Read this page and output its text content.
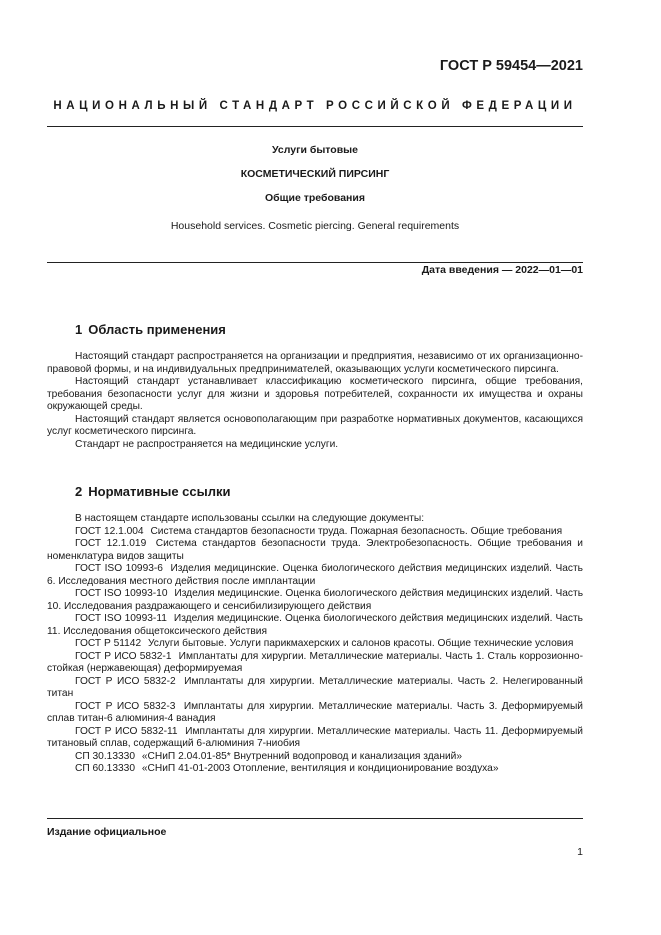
ГОСТ Р 59454—2021
НАЦИОНАЛЬНЫЙ СТАНДАРТ РОССИЙСКОЙ ФЕДЕРАЦИИ
Услуги бытовые
КОСМЕТИЧЕСКИЙ ПИРСИНГ
Общие требования
Household services. Cosmetic piercing. General requirements
Дата введения — 2022—01—01
1 Область применения

Настоящий стандарт распространяется на организации и предприятия, независимо от их организационно-правовой формы, и на индивидуальных предпринимателей, оказывающих услуги косметического пирсинга.

Настоящий стандарт устанавливает классификацию косметического пирсинга, общие требования, требования безопасности услуг для жизни и здоровья потребителей, сохранности их имущества и охраны окружающей среды.

Настоящий стандарт является основополагающим при разработке нормативных документов, касающихся услуг косметического пирсинга.

Стандарт не распространяется на медицинские услуги.

2 Нормативные ссылки

В настоящем стандарте использованы ссылки на следующие документы:

ГОСТ 12.1.004 Система стандартов безопасности труда. Пожарная безопасность. Общие требования

ГОСТ 12.1.019 Система стандартов безопасности труда. Электробезопасность. Общие требования и номенклатура видов защиты

ГОСТ ISO 10993-6 Изделия медицинские. Оценка биологического действия медицинских изделий. Часть 6. Исследования местного действия после имплантации

ГОСТ ISO 10993-10 Изделия медицинские. Оценка биологического действия медицинских изделий. Часть 10. Исследования раздражающего и сенсибилизирующего действия

ГОСТ ISO 10993-11 Изделия медицинские. Оценка биологического действия медицинских изделий. Часть 11. Исследования общетоксического действия

ГОСТ Р 51142 Услуги бытовые. Услуги парикмахерских и салонов красоты. Общие технические условия

ГОСТ Р ИСО 5832-1 Имплантаты для хирургии. Металлические материалы. Часть 1. Сталь коррозионно-стойкая (нержавеющая) деформируемая

ГОСТ Р ИСО 5832-2 Имплантаты для хирургии. Металлические материалы. Часть 2. Нелегированный титан

ГОСТ Р ИСО 5832-3 Имплантаты для хирургии. Металлические материалы. Часть 3. Деформируемый сплав титан-6 алюминия-4 ванадия

ГОСТ Р ИСО 5832-11 Имплантаты для хирургии. Металлические материалы. Часть 11. Деформируемый титановый сплав, содержащий 6-алюминия 7-ниобия

СП 30.13330 «СНиП 2.04.01-85* Внутренний водопровод и канализация зданий»

СП 60.13330 «СНиП 41-01-2003 Отопление, вентиляция и кондиционирование воздуха»

Издание официальное
1
